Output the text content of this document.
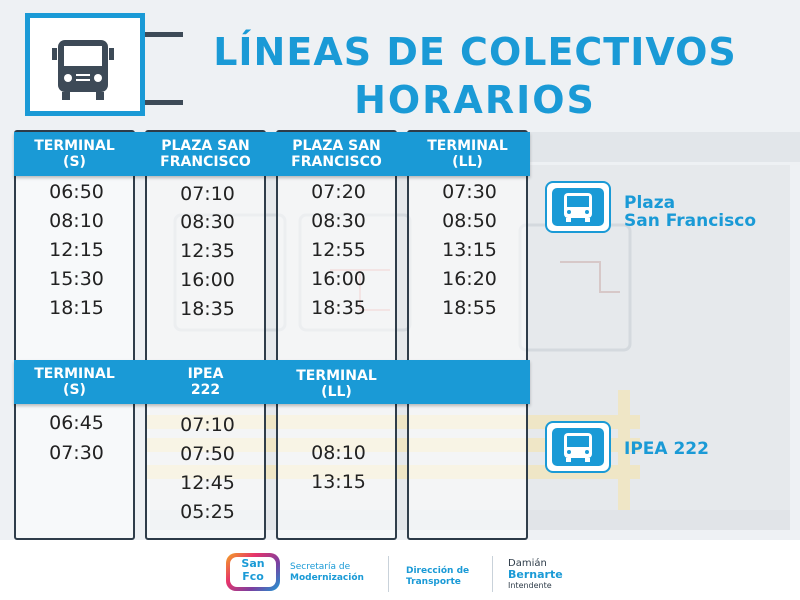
LÍNEAS DE COLECTIVOS
HORARIOS
TERMINAL
(S)
PLAZA SAN
FRANCISCO
PLAZA SAN
FRANCISCO
TERMINAL
(LL)
06:50
08:10
12:15
15:30
18:15
07:10
08:30
12:35
16:00
18:35
07:20
08:30
12:55
16:00
18:35
07:30
08:50
13:15
16:20
18:55
TERMINAL
(S)
IPEA
222
TERMINAL
(LL)
06:45
07:30
07:10
07:50
12:45
05:25
08:10
13:15
Plaza
San Francisco
IPEA 222
San
Fco
Secretaría de
Modernización
Dirección de
Transporte
Damián
Bernarte
Intendente
